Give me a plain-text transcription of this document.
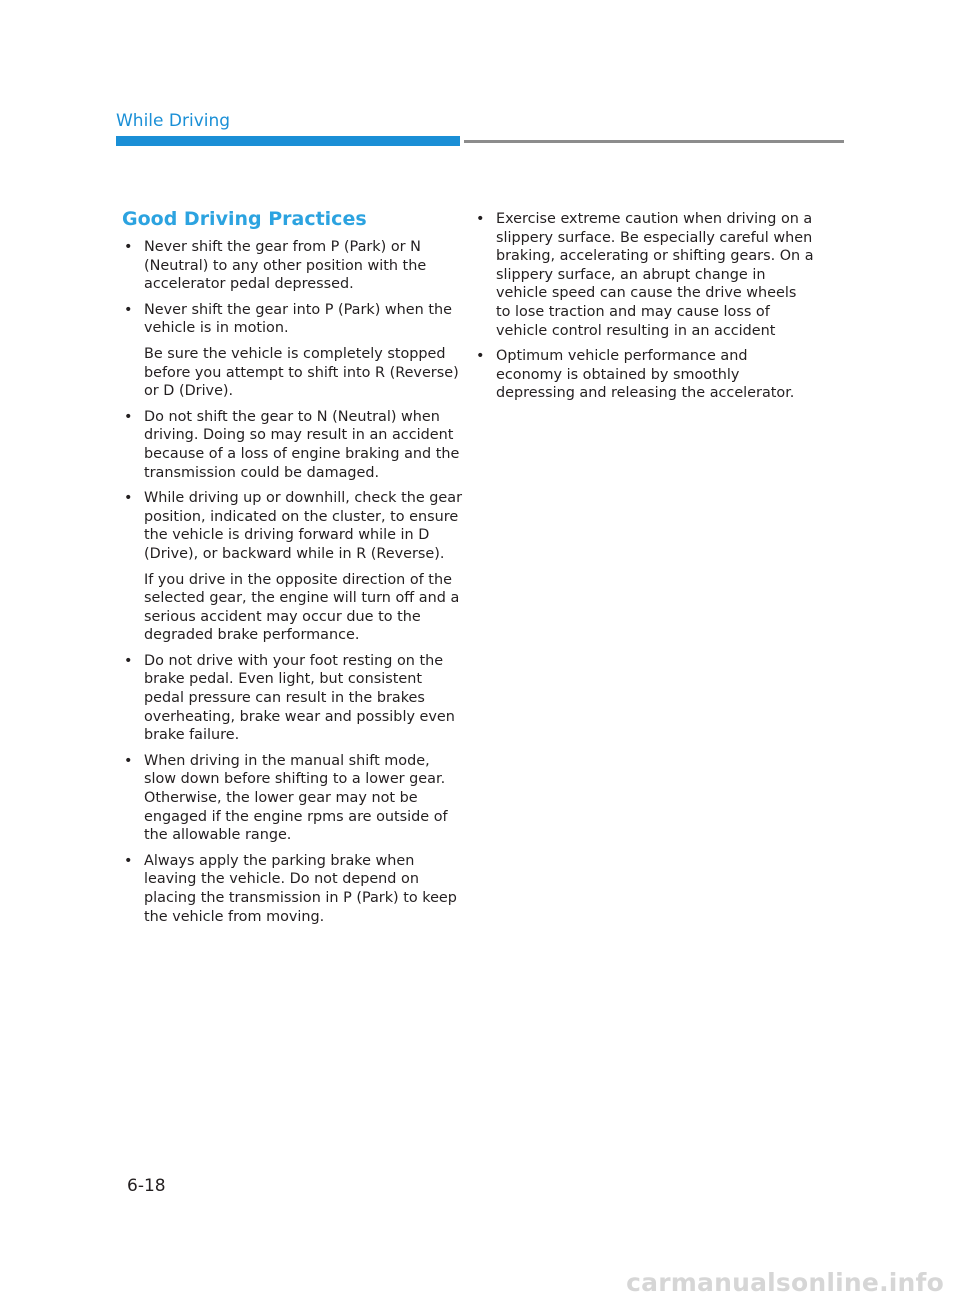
While Driving
Good Driving Practices
• Never shift the gear from P (Park) or N (Neutral) to any other position with the accelerator pedal depressed.

• Never shift the gear into P (Park) when the vehicle is in motion.

Be sure the vehicle is completely stopped before you attempt to shift into R (Reverse) or D (Drive).

• Do not shift the gear to N (Neutral) when driving. Doing so may result in an accident because of a loss of engine braking and the transmission could be damaged.

• While driving up or downhill, check the gear position, indicated on the cluster, to ensure the vehicle is driving forward while in D (Drive), or backward while in R (Reverse).

If you drive in the opposite direction of the selected gear, the engine will turn off and a serious accident may occur due to the degraded brake performance.

• Do not drive with your foot resting on the brake pedal. Even light, but consistent pedal pressure can result in the brakes overheating, brake wear and possibly even brake failure.

• When driving in the manual shift mode, slow down before shifting to a lower gear. Otherwise, the lower gear may not be engaged if the engine rpms are outside of the allowable range.

• Always apply the parking brake when leaving the vehicle. Do not depend on placing the transmission in P (Park) to keep the vehicle from moving.

• Exercise extreme caution when driving on a slippery surface. Be especially careful when braking, accelerating or shifting gears. On a slippery surface, an abrupt change in vehicle speed can cause the drive wheels to lose traction and may cause loss of vehicle control resulting in an accident

• Optimum vehicle performance and economy is obtained by smoothly depressing and releasing the accelerator.

6-18
carmanualsonline.info
